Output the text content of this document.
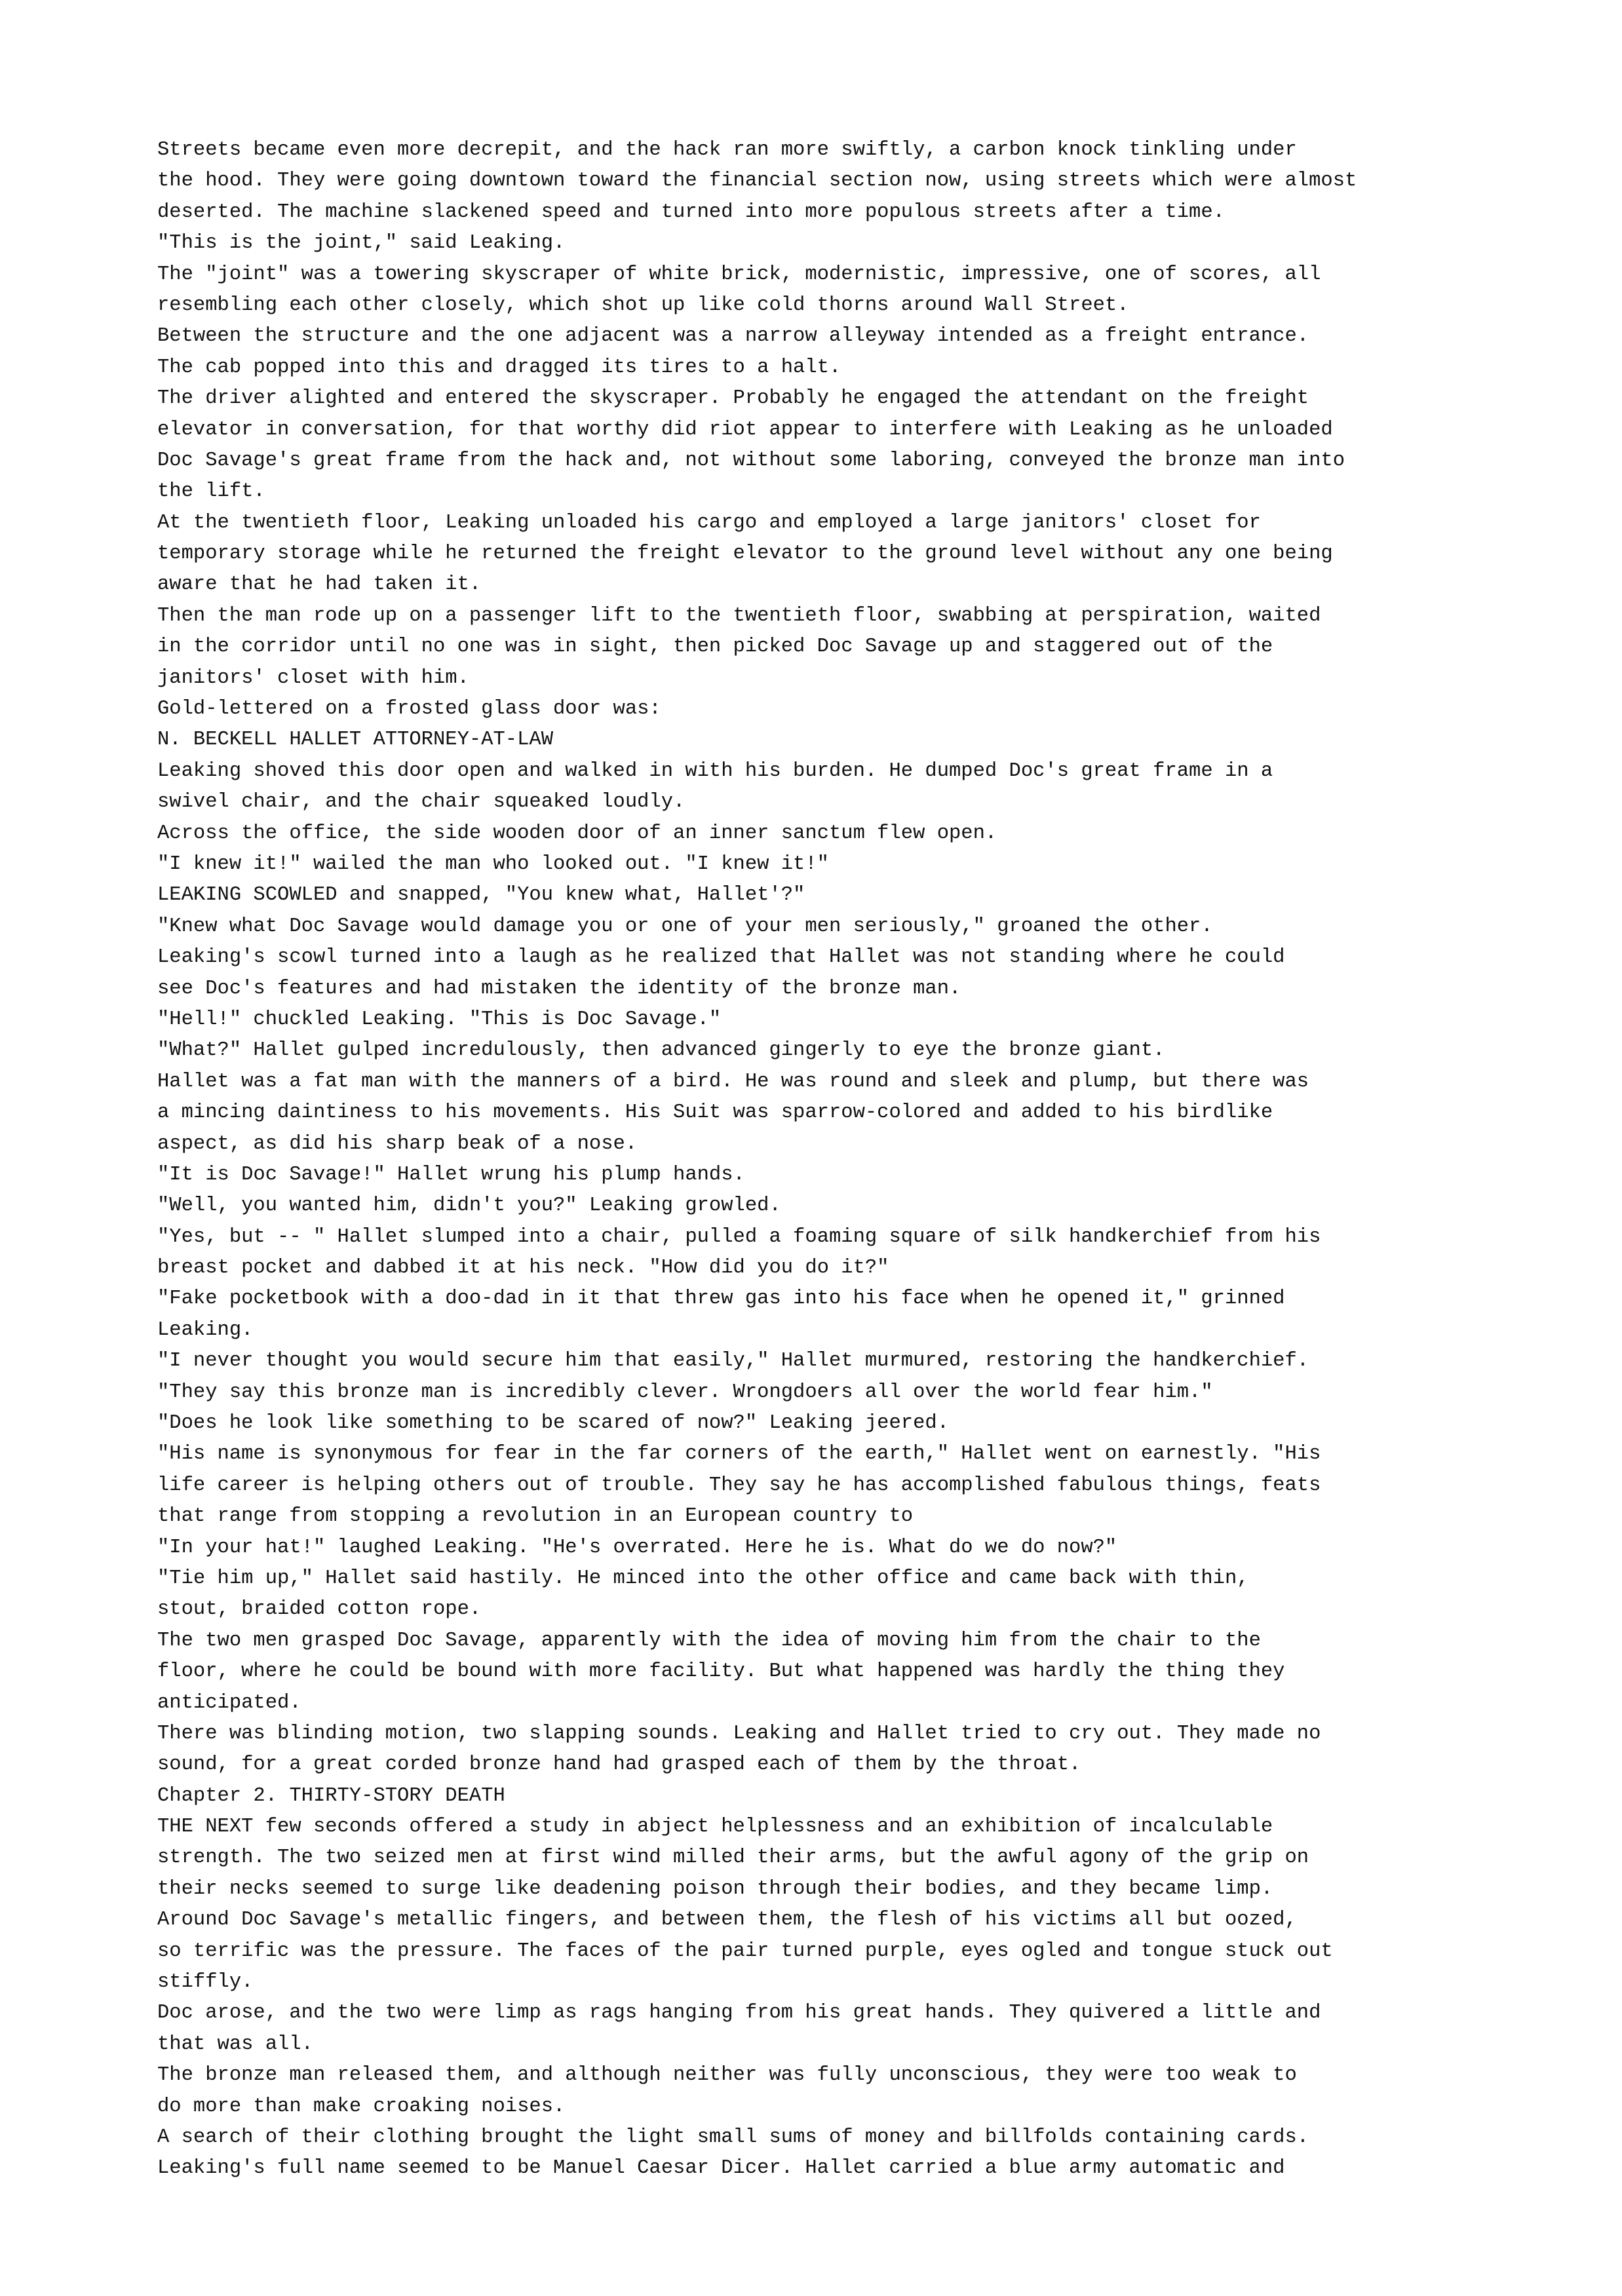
Streets became even more decrepit, and the hack ran more swiftly, a carbon knock tinkling under
the hood. They were going downtown toward the financial section now, using streets which were almost
deserted. The machine slackened speed and turned into more populous streets after a time.
"This is the joint," said Leaking.
The "joint" was a towering skyscraper of white brick, modernistic, impressive, one of scores, all
resembling each other closely, which shot up like cold thorns around Wall Street.
Between the structure and the one adjacent was a narrow alleyway intended as a freight entrance.
The cab popped into this and dragged its tires to a halt.
The driver alighted and entered the skyscraper. Probably he engaged the attendant on the freight
elevator in conversation, for that worthy did riot appear to interfere with Leaking as he unloaded
Doc Savage's great frame from the hack and, not without some laboring, conveyed the bronze man into
the lift.
At the twentieth floor, Leaking unloaded his cargo and employed a large janitors' closet for
temporary storage while he returned the freight elevator to the ground level without any one being
aware that he had taken it.
Then the man rode up on a passenger lift to the twentieth floor, swabbing at perspiration, waited
in the corridor until no one was in sight, then picked Doc Savage up and staggered out of the
janitors' closet with him.
Gold-lettered on a frosted glass door was:
N. BECKELL HALLET ATTORNEY-AT-LAW
Leaking shoved this door open and walked in with his burden. He dumped Doc's great frame in a
swivel chair, and the chair squeaked loudly.
Across the office, the side wooden door of an inner sanctum flew open.
"I knew it!" wailed the man who looked out. "I knew it!"
LEAKING SCOWLED and snapped, "You knew what, Hallet'?"
"Knew what Doc Savage would damage you or one of your men seriously," groaned the other.
Leaking's scowl turned into a laugh as he realized that Hallet was not standing where he could
see Doc's features and had mistaken the identity of the bronze man.
"Hell!" chuckled Leaking. "This is Doc Savage."
"What?" Hallet gulped incredulously, then advanced gingerly to eye the bronze giant.
Hallet was a fat man with the manners of a bird. He was round and sleek and plump, but there was
a mincing daintiness to his movements. His Suit was sparrow-colored and added to his birdlike
aspect, as did his sharp beak of a nose.
"It is Doc Savage!" Hallet wrung his plump hands.
"Well, you wanted him, didn't you?" Leaking growled.
"Yes, but -- " Hallet slumped into a chair, pulled a foaming square of silk handkerchief from his
breast pocket and dabbed it at his neck. "How did you do it?"
"Fake pocketbook with a doo-dad in it that threw gas into his face when he opened it," grinned
Leaking.
"I never thought you would secure him that easily," Hallet murmured, restoring the handkerchief.
"They say this bronze man is incredibly clever. Wrongdoers all over the world fear him."
"Does he look like something to be scared of now?" Leaking jeered.
"His name is synonymous for fear in the far corners of the earth," Hallet went on earnestly. "His
life career is helping others out of trouble. They say he has accomplished fabulous things, feats
that range from stopping a revolution in an European country to
"In your hat!" laughed Leaking. "He's overrated. Here he is. What do we do now?"
"Tie him up," Hallet said hastily. He minced into the other office and came back with thin,
stout, braided cotton rope.
The two men grasped Doc Savage, apparently with the idea of moving him from the chair to the
floor, where he could be bound with more facility. But what happened was hardly the thing they
anticipated.
There was blinding motion, two slapping sounds. Leaking and Hallet tried to cry out. They made no
sound, for a great corded bronze hand had grasped each of them by the throat.
Chapter 2. THIRTY-STORY DEATH
THE NEXT few seconds offered a study in abject helplessness and an exhibition of incalculable
strength. The two seized men at first wind milled their arms, but the awful agony of the grip on
their necks seemed to surge like deadening poison through their bodies, and they became limp.
Around Doc Savage's metallic fingers, and between them, the flesh of his victims all but oozed,
so terrific was the pressure. The faces of the pair turned purple, eyes ogled and tongue stuck out
stiffly.
Doc arose, and the two were limp as rags hanging from his great hands. They quivered a little and
that was all.
The bronze man released them, and although neither was fully unconscious, they were too weak to
do more than make croaking noises.
A search of their clothing brought the light small sums of money and billfolds containing cards.
Leaking's full name seemed to be Manuel Caesar Dicer. Hallet carried a blue army automatic and
